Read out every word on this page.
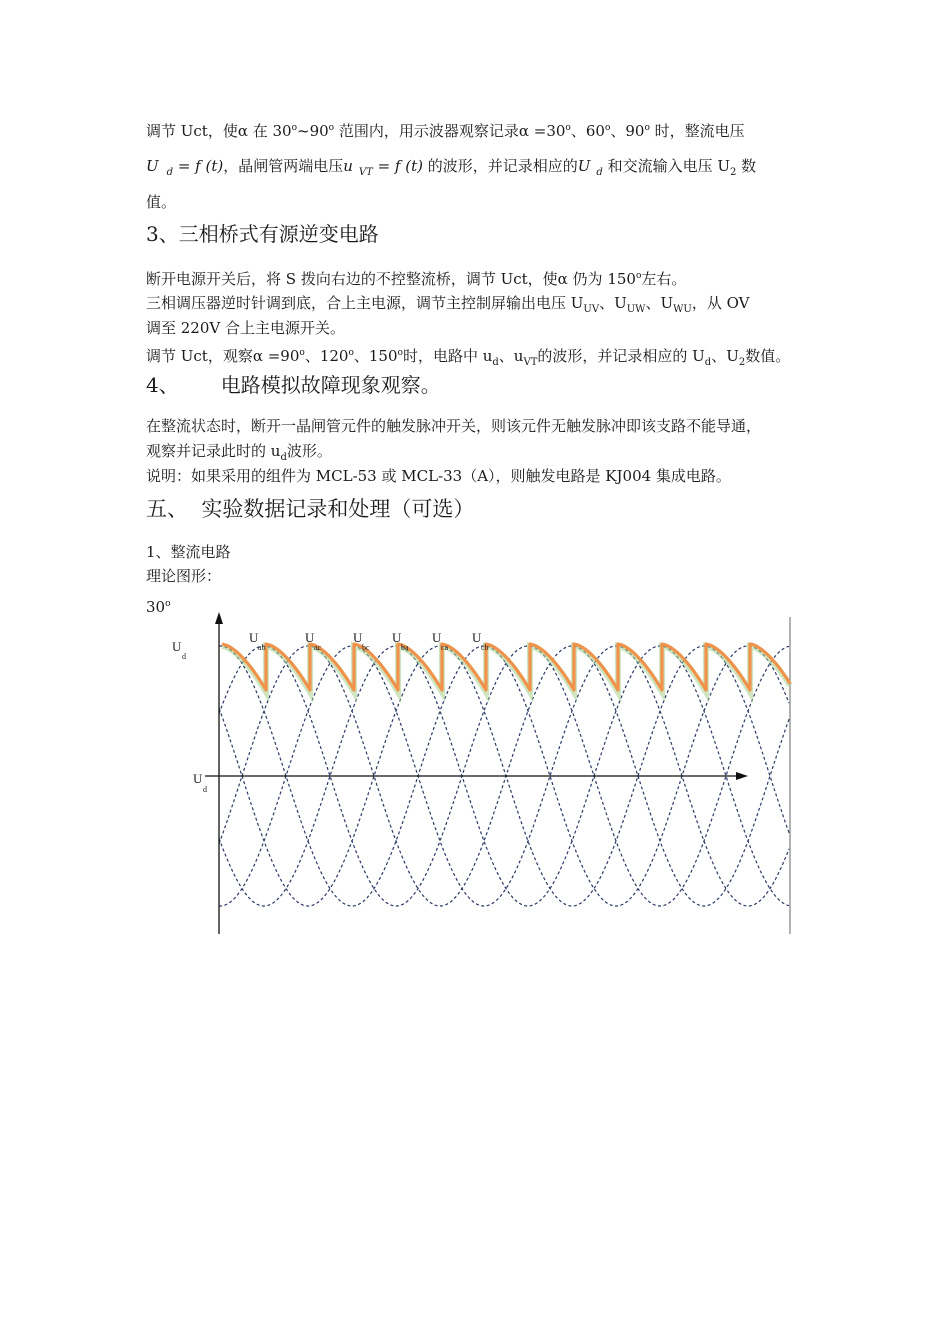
调节 Uct，使α 在 30$^o$~90$^o$ 范围内，用示波器观察记录$\alpha =30^o$、60$^o$、90$^o$ 时，整流电压
U $_d$ = f (t)，晶闸管两端电压u $_{VT}$ = f (t) 的波形，并记录相应的U $_d$ 和交流输入电压 $U_2$ 数
值。
3、三相桥式有源逆变电路
断开电源开关后，将 S 拨向右边的不控整流桥，调节 Uct，使α 仍为 150$^o$左右。
三相调压器逆时针调到底，合上主电源，调节主控制屏输出电压 $U_{UV}$、$U_{UW}$、$U_{WU}$，从 OV
调至 220V 合上主电源开关。
调节 Uct，观察$\alpha =90^o$、120$^o$、150$^o$时，电路中 $u_d$、$u_{VT}$的波形，并记录相应的 $U_d$、$U_2$数值。
4、 电路模拟故障现象观察。
在整流状态时，断开一晶闸管元件的触发脉冲开关，则该元件无触发脉冲即该支路不能导通，
观察并记录此时的 $u_d$波形。
说明：如果采用的组件为 MCL-53 或 MCL-33（A），则触发电路是 KJ004 集成电路。
五、  实验数据记录和处理（可选）
1、整流电路
理论图形：
30$^o$
U
d
U
d
U
ab
U
ac
U
bc
U
ba
U
ca
U
cb
